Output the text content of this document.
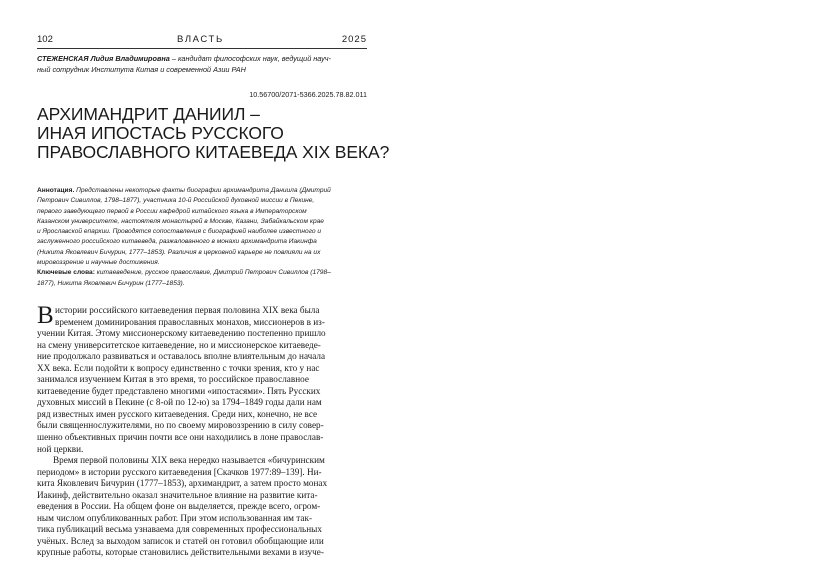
102	ВЛАСТЬ	2025
СТЕЖЕНСКАЯ Лидия Владимировна – кандидат философских наук, ведущий науч-
ный сотрудник Института Китая и современной Азии РАН
10.56700/2071-5366.2025.78.82.011
АРХИМАНДРИТ ДАНИИЛ –
ИНАЯ ИПОСТАСЬ РУССКОГО
ПРАВОСЛАВНОГО КИТАЕВЕДА XIX ВЕКА?
Аннотация. Представлены некоторые факты биографии архимандрита Даниила (Дмитрий
Петрович Сивиллов, 1798–1877), участника 10-й Российской духовной миссии в Пекине,
первого заведующего первой в России кафедрой китайского языка в Императорском
Казанском университете, настоятеля монастырей в Москве, Казани, Забайкальском крае
и Ярославской епархии. Проводятся сопоставления с биографией наиболее известного и
заслуженного российского китаеведа, разжалованного в монахи архимандрита Иакинфа
(Никита Яковлевич Бичурин, 1777–1853). Различия в церковной карьере не повлияли на их
мировоззрение и научные достижения.
Ключевые слова: китаеведение, русское православие, Дмитрий Петрович Сивиллов (1798–
1877), Никита Яковлевич Бичурин (1777–1853).
В истории российского китаеведения первая половина XIX века была
временем доминирования православных монахов, миссионеров в из-
учении Китая. Этому миссионерскому китаеведению постепенно пришло
на смену университетское китаеведение, но и миссионерское китаеведе-
ние продолжало развиваться и оставалось вполне влиятельным до начала
XX века. Если подойти к вопросу единственно с точки зрения, кто у нас
занимался изучением Китая в это время, то российское православное
китаеведение будет представлено многими «ипостасями». Пять Русских
духовных миссий в Пекине (с 8-ой по 12-ю) за 1794–1849 годы дали нам
ряд известных имен русского китаеведения. Среди них, конечно, не все
были священнослужителями, но по своему мировоззрению в силу совер-
шенно объективных причин почти все они находились в лоне православ-
ной церкви.
Время первой половины XIX века нередко называется «бичуринским
периодом» в истории русского китаеведения [Скачков 1977:89–139]. Ни-
кита Яковлевич Бичурин (1777–1853), архимандрит, а затем просто монах
Иакинф, действительно оказал значительное влияние на развитие кита-
еведения в России. На общем фоне он выделяется, прежде всего, огром-
ным числом опубликованных работ. При этом использованная им так-
тика публикаций весьма узнаваема для современных профессиональных
учёных. Вслед за выходом записок и статей он готовил обобщающие или
крупные работы, которые становились действительными вехами в изуче-
